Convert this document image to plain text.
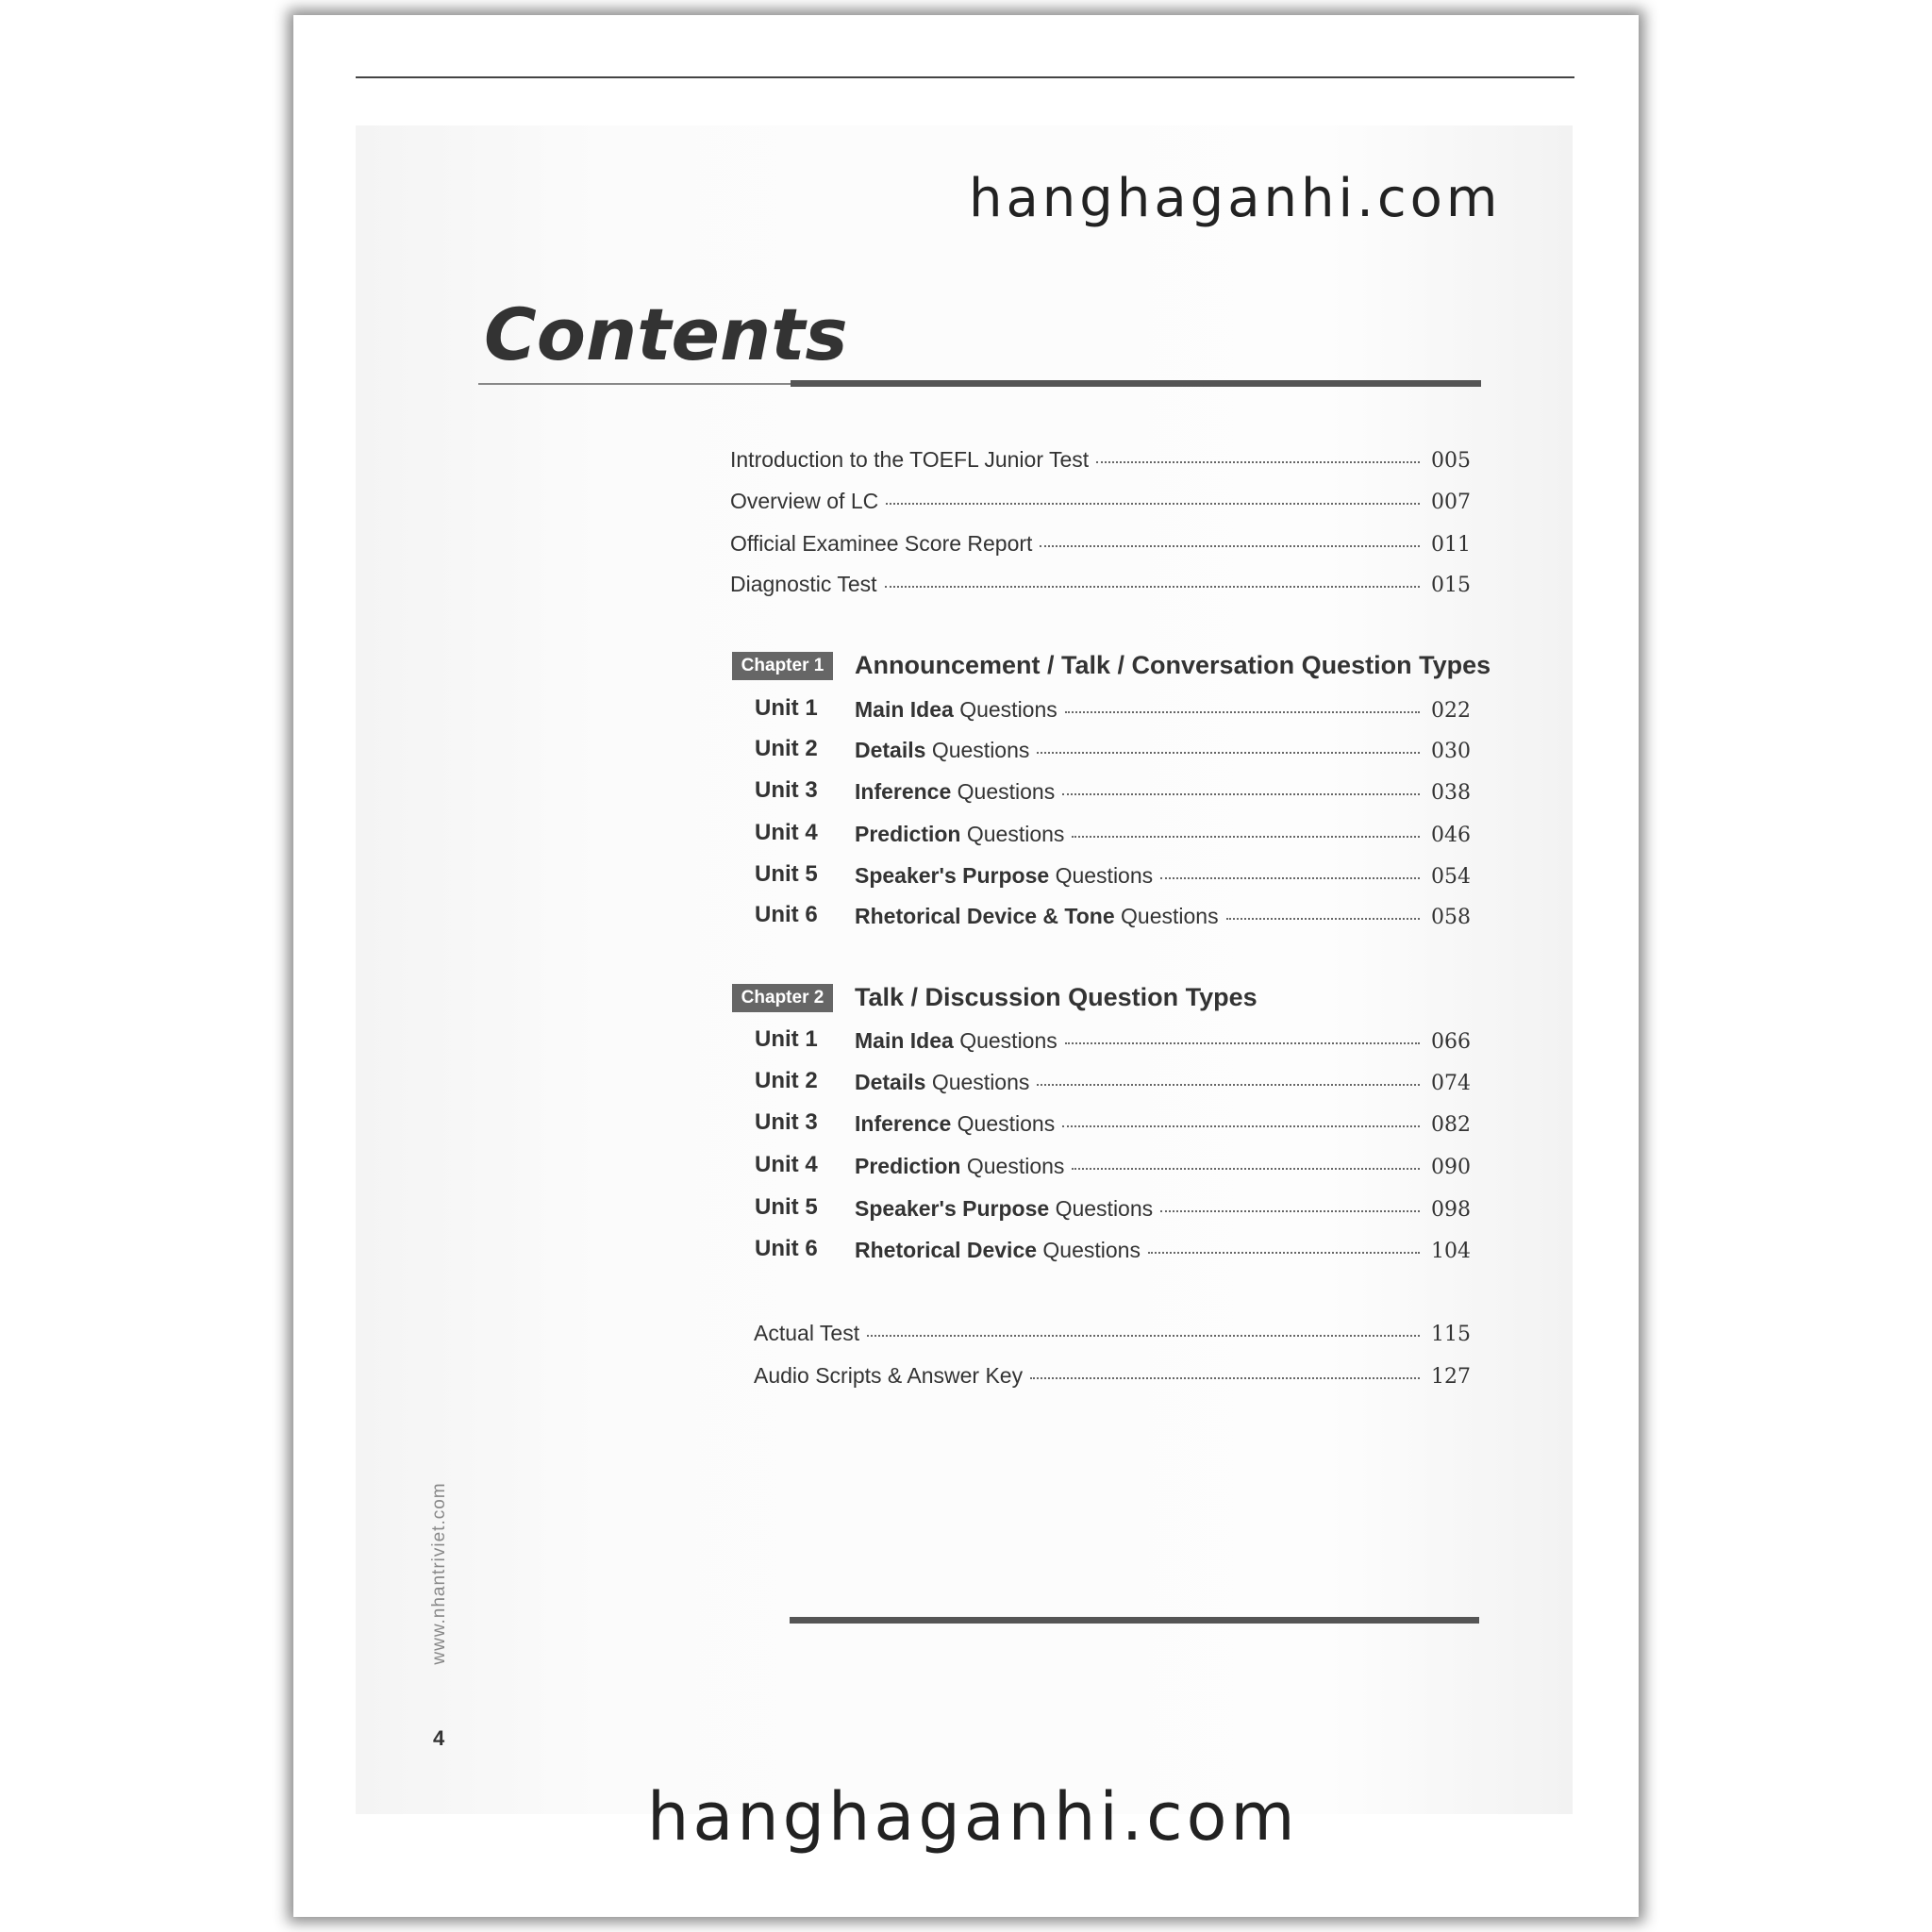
hanghaganhi.com
Contents
Introduction to the TOEFL Junior Test	005
Overview of LC	007
Official Examinee Score Report	011
Diagnostic Test	015
Chapter 1	Announcement / Talk / Conversation Question Types
Unit 1 Main Idea Questions	022
Unit 2 Details Questions	030
Unit 3 Inference Questions	038
Unit 4 Prediction Questions	046
Unit 5 Speaker's Purpose Questions	054
Unit 6 Rhetorical Device & Tone Questions	058
Chapter 2	Talk / Discussion Question Types
Unit 1 Main Idea Questions	066
Unit 2 Details Questions	074
Unit 3 Inference Questions	082
Unit 4 Prediction Questions	090
Unit 5 Speaker's Purpose Questions	098
Unit 6 Rhetorical Device Questions	104
Actual Test	115
Audio Scripts & Answer Key	127
www.nhantriviet.com
4
hanghaganhi.com
